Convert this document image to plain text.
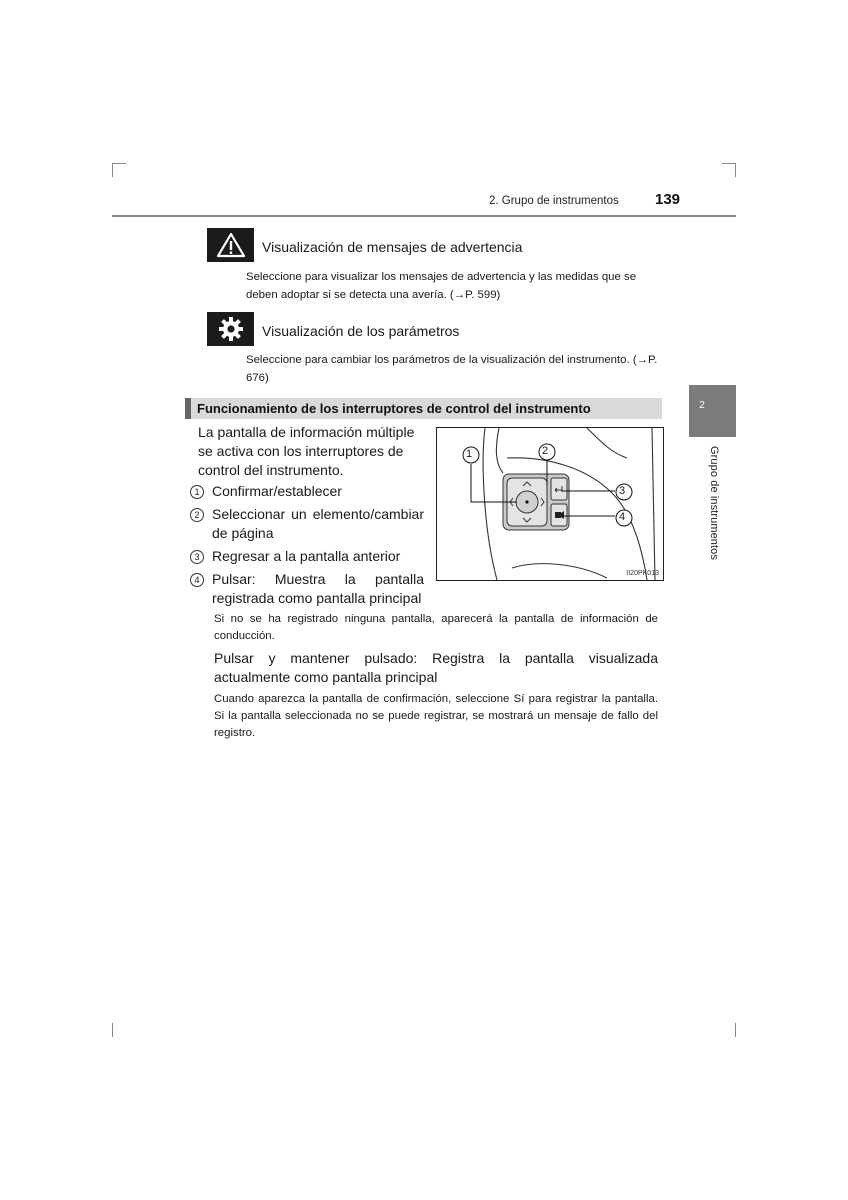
2. Grupo de instrumentos 139
2
Grupo de instrumentos
Visualización de mensajes de advertencia
Seleccione para visualizar los mensajes de advertencia y las medidas que se deben adoptar si se detecta una avería. (→P. 599)
Visualización de los parámetros
Seleccione para cambiar los parámetros de la visualización del instrumento. (→P. 676)
Funcionamiento de los interruptores de control del instrumento
La pantalla de información múltiple se activa con los interruptores de control del instrumento.
1 Confirmar/establecer
2 Seleccionar un elemento/cambiar de página
3 Regresar a la pantalla anterior
4 Pulsar: Muestra la pantalla registrada como pantalla principal
Si no se ha registrado ninguna pantalla, aparecerá la pantalla de información de conducción.
Pulsar y mantener pulsado: Registra la pantalla visualizada actualmente como pantalla principal
Cuando aparezca la pantalla de confirmación, seleccione Sí para registrar la pantalla. Si la pantalla seleccionada no se puede registrar, se mostrará un mensaje de fallo del registro.
1	2
3
4
II20PK013
